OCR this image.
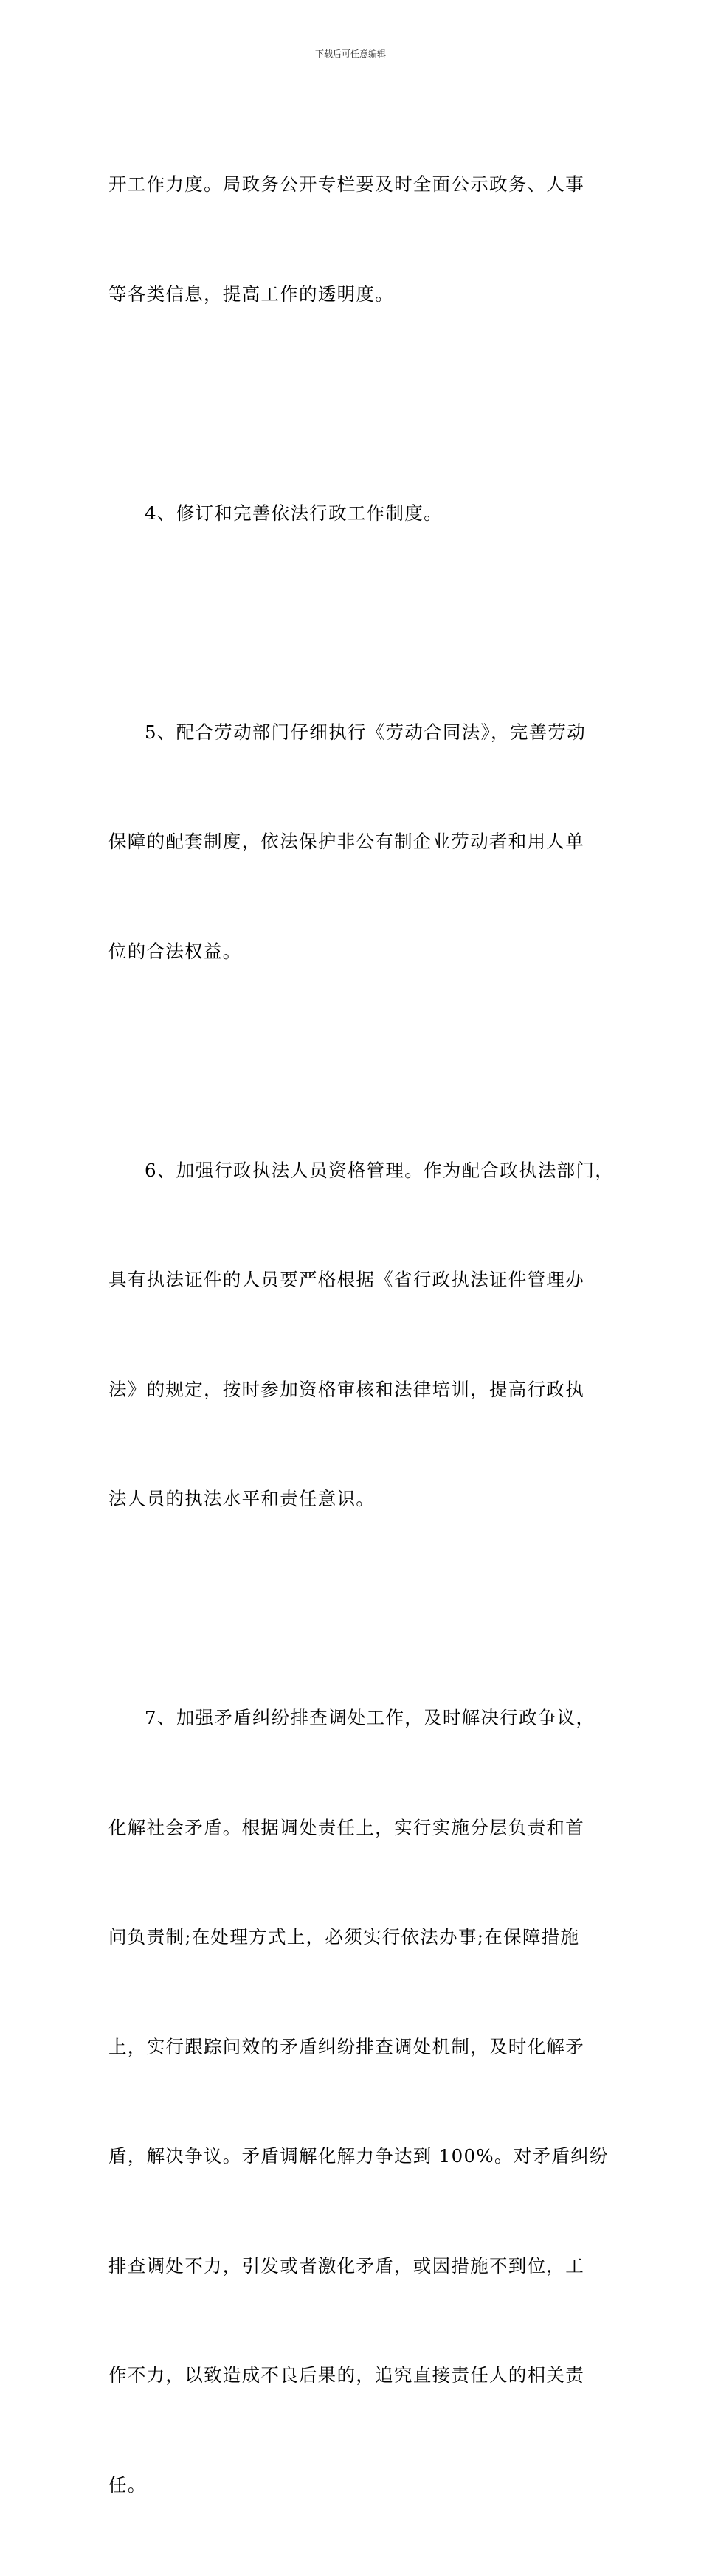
下载后可任意编辑

开工作力度。局政务公开专栏要及时全面公示政务、人事

等各类信息，提高工作的透明度。

4、修订和完善依法行政工作制度。

5、配合劳动部门仔细执行《劳动合同法》，完善劳动

保障的配套制度，依法保护非公有制企业劳动者和用人单

位的合法权益。

6、加强行政执法人员资格管理。作为配合政执法部门，

具有执法证件的人员要严格根据《省行政执法证件管理办

法》的规定，按时参加资格审核和法律培训，提高行政执

法人员的执法水平和责任意识。

7、加强矛盾纠纷排查调处工作，及时解决行政争议，

化解社会矛盾。根据调处责任上，实行实施分层负责和首

问负责制;在处理方式上，必须实行依法办事;在保障措施

上，实行跟踪问效的矛盾纠纷排查调处机制，及时化解矛

盾，解决争议。矛盾调解化解力争达到 100%。对矛盾纠纷

排查调处不力，引发或者激化矛盾，或因措施不到位，工

作不力，以致造成不良后果的，追究直接责任人的相关责

任。
